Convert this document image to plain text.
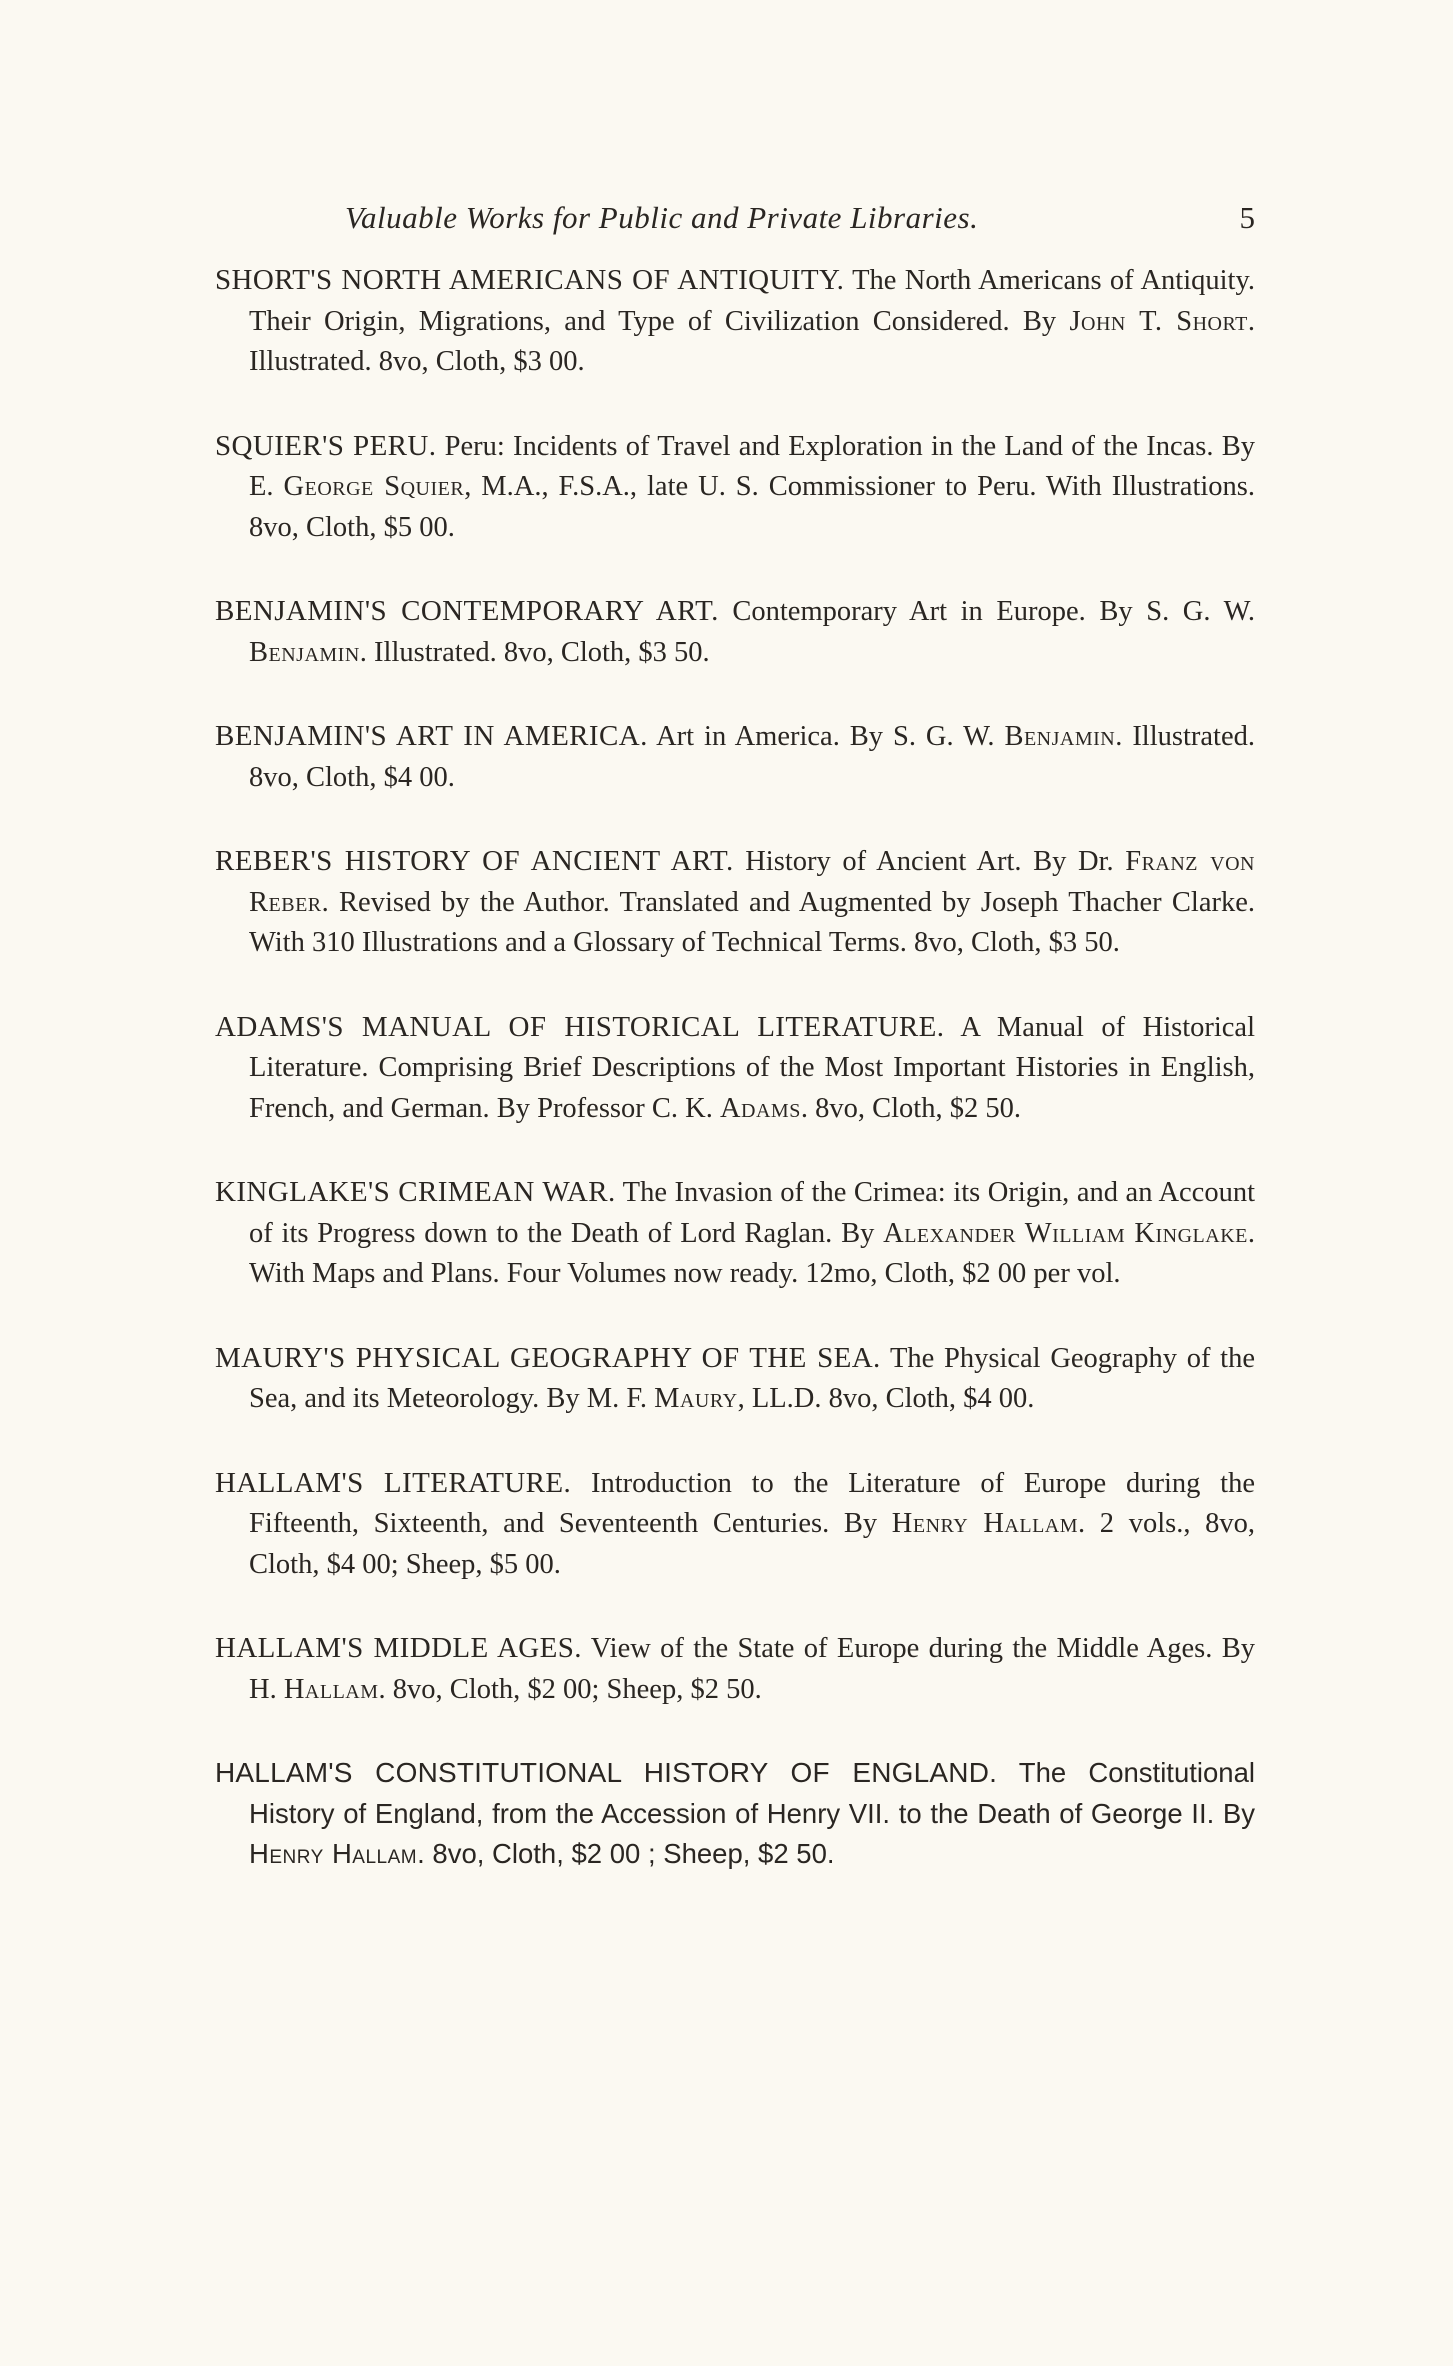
Valuable Works for Public and Private Libraries.	5

SHORT'S NORTH AMERICANS OF ANTIQUITY. The North Americans of Antiquity. Their Origin, Migrations, and Type of Civilization Considered. By John T. Short. Illustrated. 8vo, Cloth, $3 00.

SQUIER'S PERU. Peru: Incidents of Travel and Exploration in the Land of the Incas. By E. George Squier, M.A., F.S.A., late U. S. Commissioner to Peru. With Illustrations. 8vo, Cloth, $5 00.

BENJAMIN'S CONTEMPORARY ART. Contemporary Art in Europe. By S. G. W. Benjamin. Illustrated. 8vo, Cloth, $3 50.

BENJAMIN'S ART IN AMERICA. Art in America. By S. G. W. Benjamin. Illustrated. 8vo, Cloth, $4 00.

REBER'S HISTORY OF ANCIENT ART. History of Ancient Art. By Dr. Franz von Reber. Revised by the Author. Translated and Augmented by Joseph Thacher Clarke. With 310 Illustrations and a Glossary of Technical Terms. 8vo, Cloth, $3 50.

ADAMS'S MANUAL OF HISTORICAL LITERATURE. A Manual of Historical Literature. Comprising Brief Descriptions of the Most Important Histories in English, French, and German. By Professor C. K. Adams. 8vo, Cloth, $2 50.

KINGLAKE'S CRIMEAN WAR. The Invasion of the Crimea: its Origin, and an Account of its Progress down to the Death of Lord Raglan. By Alexander William Kinglake. With Maps and Plans. Four Volumes now ready. 12mo, Cloth, $2 00 per vol.

MAURY'S PHYSICAL GEOGRAPHY OF THE SEA. The Physical Geography of the Sea, and its Meteorology. By M. F. Maury, LL.D. 8vo, Cloth, $4 00.

HALLAM'S LITERATURE. Introduction to the Literature of Europe during the Fifteenth, Sixteenth, and Seventeenth Centuries. By Henry Hallam. 2 vols., 8vo, Cloth, $4 00; Sheep, $5 00.

HALLAM'S MIDDLE AGES. View of the State of Europe during the Middle Ages. By H. Hallam. 8vo, Cloth, $2 00; Sheep, $2 50.

HALLAM'S CONSTITUTIONAL HISTORY OF ENGLAND. The Constitutional History of England, from the Accession of Henry VII. to the Death of George II. By Henry Hallam. 8vo, Cloth, $2 00 ; Sheep, $2 50.
